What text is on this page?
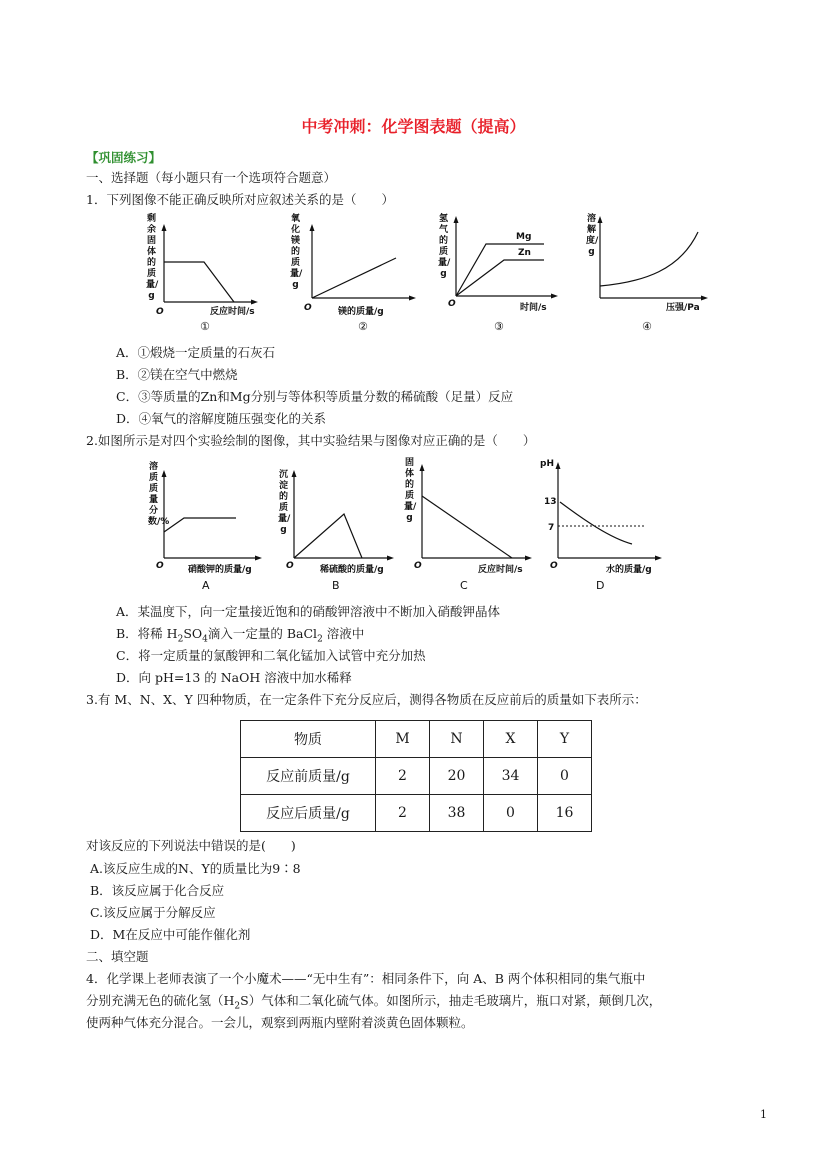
中考冲刺：化学图表题（提高）
【巩固练习】
一、选择题（每小题只有一个选项符合题意）
1．下列图像不能正确反映所对应叙述关系的是（　　）
剩余固体的质量/g
O	反应时间/s
①
氧化镁的质量/g
O	镁的质量/g
②
氢气的质量/g
Mg
Zn
O	时间/s
③
溶解度/g
压强/Pa
④
A．①煅烧一定质量的石灰石
B．②镁在空气中燃烧
C．③等质量的Zn和Mg分别与等体积等质量分数的稀硫酸（足量）反应
D．④氧气的溶解度随压强变化的关系
2.如图所示是对四个实验绘制的图像，其中实验结果与图像对应正确的是（　　）
溶质质量分数/%
O	硝酸钾的质量/g
A
沉淀的质量/g
O	稀硫酸的质量/g
B
固体的质量/g
O	反应时间/s
C
pH
13
7
O	水的质量/g
D
A．某温度下，向一定量接近饱和的硝酸钾溶液中不断加入硝酸钾晶体
B．将稀 $H_2SO_4$滴入一定量的 BaCl$_2$ 溶液中
C．将一定质量的氯酸钾和二氧化锰加入试管中充分加热
D．向 pH=13 的 NaOH 溶液中加水稀释
3.有 M、N、X、Y 四种物质，在一定条件下充分反应后，测得各物质在反应前后的质量如下表所示：
物质	M	N	X	Y
反应前质量/g	2	20	34	0
反应后质量/g	2	38	0	16
对该反应的下列说法中错误的是(　　)
A.该反应生成的N、Y的质量比为9∶8
B．该反应属于化合反应
C.该反应属于分解反应
D．M在反应中可能作催化剂
二、填空题
4．化学课上老师表演了一个小魔术——“无中生有”：相同条件下，向 A、B 两个体积相同的集气瓶中
分别充满无色的硫化氢$(H_2S)$气体和二氧化硫气体。如图所示，抽走毛玻璃片，瓶口对紧，颠倒几次，
使两种气体充分混合。一会儿，观察到两瓶内壁附着淡黄色固体颗粒。
1
